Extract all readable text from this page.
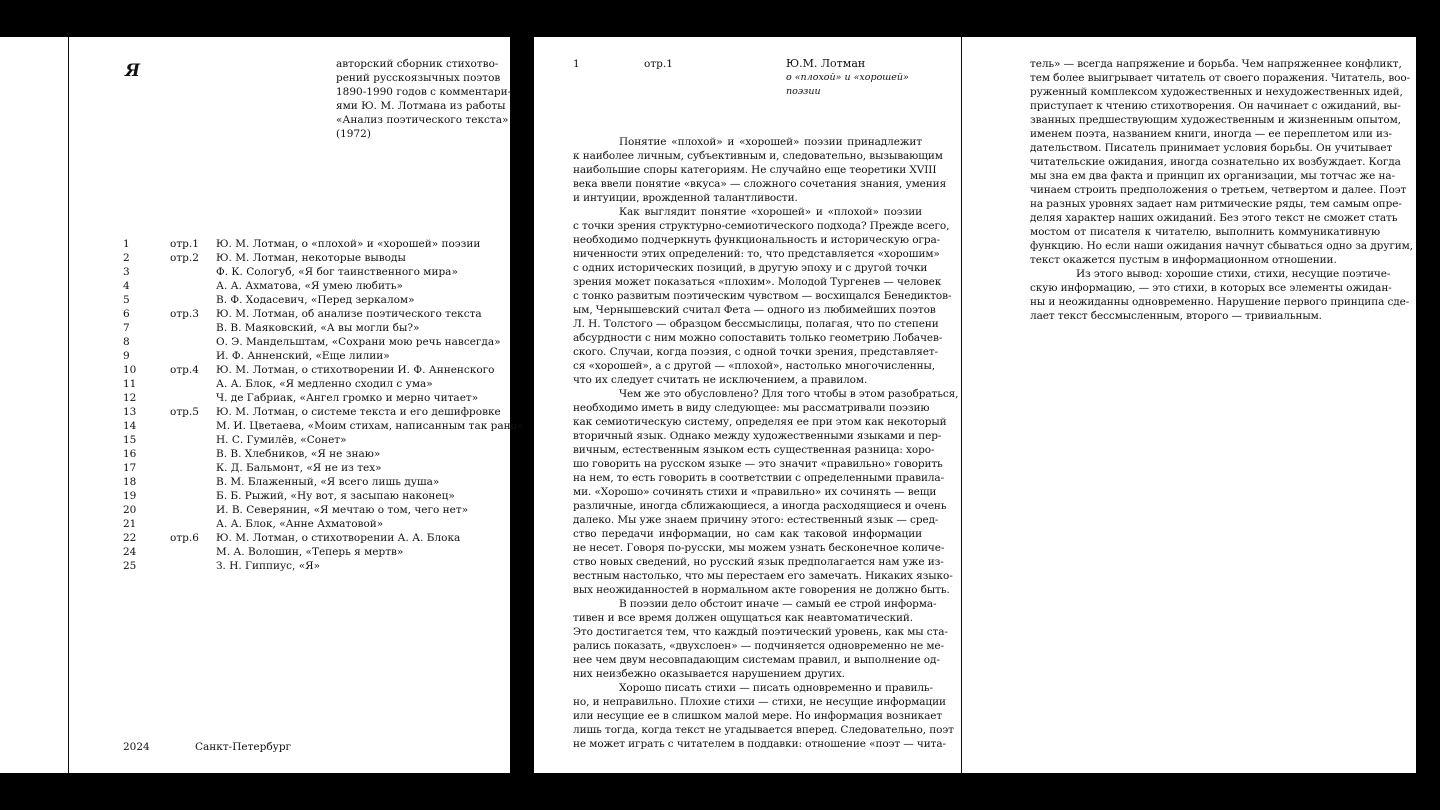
Я	авторский сборник стихотво-
рений русскоязычных поэтов
1890-1990 годов с комментари-
ями Ю. М. Лотмана из работы
«Анализ поэтического текста»
(1972)
1	отр.1 Ю. М. Лотман, о «плохой» и «хорошей» поэзии
2	отр.2 Ю. М. Лотман, некоторые выводы
3	Ф. К. Сологуб, «Я бог таинственного мира»
4	А. А. Ахматова, «Я умею любить»
5	В. Ф. Ходасевич, «Перед зеркалом»
6	отр.3 Ю. М. Лотман, об анализе поэтического текста
7	В. В. Маяковский, «А вы могли бы?»
8	О. Э. Мандельштам, «Сохрани мою речь навсегда»
9	И. Ф. Анненский, «Еще лилии»
10	отр.4 Ю. М. Лотман, о стихотворении И. Ф. Анненского
11	А. А. Блок, «Я медленно сходил с ума»
12	Ч. де Габриак, «Ангел громко и мерно читает»
13	отр.5 Ю. М. Лотман, о системе текста и его дешифровке
14	М. И. Цветаева, «Моим стихам, написанным так рано»
15	Н. С. Гумилёв, «Сонет»
16	В. В. Хлебников, «Я не знаю»
17	К. Д. Бальмонт, «Я не из тех»
18	В. М. Блаженный, «Я всего лишь душа»
19	Б. Б. Рыжий, «Ну вот, я засыпаю наконец»
20	И. В. Северянин, «Я мечтаю о том, чего нет»
21	А. А. Блок, «Анне Ахматовой»
22	отр.6 Ю. М. Лотман, о стихотворении А. А. Блока
24	М. А. Волошин, «Теперь я мертв»
25	З. Н. Гиппиус, «Я»
2024	Санкт-Петербург
1	отр.1	Ю.М. Лотман
о «плохой» и «хорошей»
поэзии
Понятие «плохой» и «хорошей» поэзии принадлежит
к наиболее личным, субъективным и, следовательно, вызывающим
наибольшие споры категориям. Не случайно еще теоретики XVIII
века ввели понятие «вкуса» — сложного сочетания знания, умения
и интуиции, врожденной талантливости.
Как выглядит понятие «хорошей» и «плохой» поэзии
с точки зрения структурно-семиотического подхода? Прежде всего,
необходимо подчеркнуть функциональность и историческую огра-
ниченности этих определений: то, что представляется «хорошим»
с одних исторических позиций, в другую эпоху и с другой точки
зрения может показаться «плохим». Молодой Тургенев — человек
с тонко развитым поэтическим чувством — восхищался Бенедиктов-
ым, Чернышевский считал Фета — одного из любимейших поэтов
Л. Н. Толстого — образцом бессмыслицы, полагая, что по степени
абсурдности с ним можно сопоставить только геометрию Лобачев-
ского. Случаи, когда поэзия, с одной точки зрения, представляет-
ся «хорошей», а с другой — «плохой», настолько многочисленны,
что их следует считать не исключением, а правилом.
Чем же это обусловлено? Для того чтобы в этом разобраться,
необходимо иметь в виду следующее: мы рассматривали поэзию
как семиотическую систему, определяя ее при этом как некоторый
вторичный язык. Однако между художественными языками и пер-
вичным, естественным языком есть существенная разница: хоро-
шо говорить на русском языке — это значит «правильно» говорить
на нем, то есть говорить в соответствии с определенными правила-
ми. «Хорошо» сочинять стихи и «правильно» их сочинять — вещи
различные, иногда сближающиеся, а иногда расходящиеся и очень
далеко. Мы уже знаем причину этого: естественный язык — сред-
ство передачи информации, но сам как таковой информации
не несет. Говоря по-русски, мы можем узнать бесконечное количе-
ство новых сведений, но русский язык предполагается нам уже из-
вестным настолько, что мы перестаем его замечать. Никаких языко-
вых неожиданностей в нормальном акте говорения не должно быть.
В поэзии дело обстоит иначе — самый ее строй информа-
тивен и все время должен ощущаться как неавтоматический.
Это достигается тем, что каждый поэтический уровень, как мы ста-
рались показать, «двухслоен» — подчиняется одновременно не ме-
нее чем двум несовпадающим системам правил, и выполнение од-
них неизбежно оказывается нарушением других.
Хорошо писать стихи — писать одновременно и правиль-
но, и неправильно. Плохие стихи — стихи, не несущие информации
или несущие ее в слишком малой мере. Но информация возникает
лишь тогда, когда текст не угадывается вперед. Следовательно, поэт
не может играть с читателем в поддавки: отношение «поэт — чита-
тель» — всегда напряжение и борьба. Чем напряженнее конфликт,
тем более выигрывает читатель от своего поражения. Читатель, воо-
руженный комплексом художественных и нехудожественных идей,
приступает к чтению стихотворения. Он начинает с ожиданий, вы-
званных предшествующим художественным и жизненным опытом,
именем поэта, названием книги, иногда — ее переплетом или из-
дательством. Писатель принимает условия борьбы. Он учитывает
читательские ожидания, иногда сознательно их возбуждает. Когда
мы зна ем два факта и принцип их организации, мы тотчас же на-
чинаем строить предположения о третьем, четвертом и далее. Поэт
на разных уровнях задает нам ритмические ряды, тем самым опре-
деляя характер наших ожиданий. Без этого текст не сможет стать
мостом от писателя к читателю, выполнить коммуникативную
функцию. Но если наши ожидания начнут сбываться одно за другим,
текст окажется пустым в информационном отношении.
Из этого вывод: хорошие стихи, стихи, несущие поэтиче-
скую информацию, — это стихи, в которых все элементы ожидан-
ны и неожиданны одновременно. Нарушение первого принципа сде-
лает текст бессмысленным, второго — тривиальным.
